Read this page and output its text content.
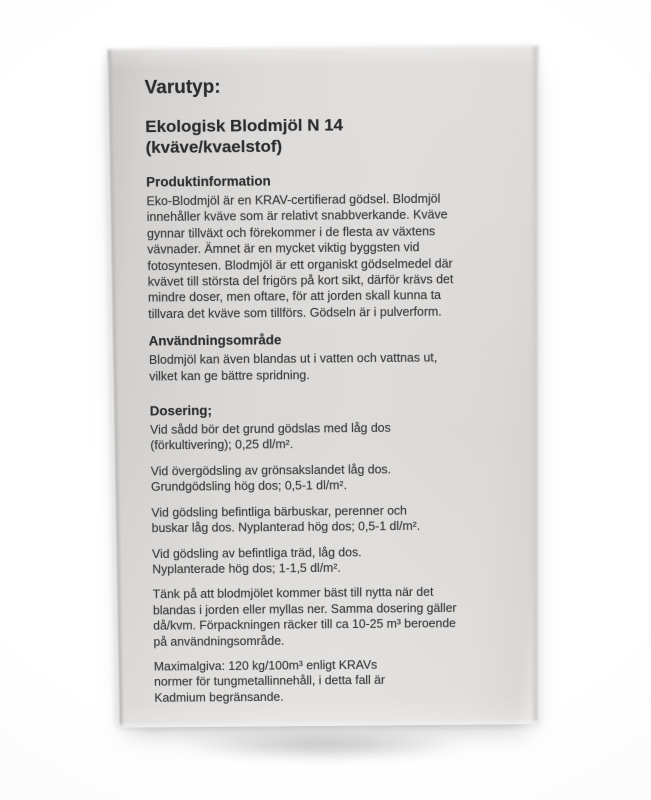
Varutyp:
Ekologisk Blodmjöl N 14
(kväve/kvaelstof)
Produktinformation

Eko-Blodmjöl är en KRAV-certifierad gödsel. Blodmjöl
innehåller kväve som är relativt snabbverkande. Kväve
gynnar tillväxt och förekommer i de flesta av växtens
vävnader. Ämnet är en mycket viktig byggsten vid
fotosyntesen. Blodmjöl är ett organiskt gödselmedel där
kvävet till största del frigörs på kort sikt, därför krävs det
mindre doser, men oftare, för att jorden skall kunna ta
tillvara det kväve som tillförs. Gödseln är i pulverform.

Användningsområde

Blodmjöl kan även blandas ut i vatten och vattnas ut,
vilket kan ge bättre spridning.

Dosering;

Vid sådd bör det grund gödslas med låg dos
(förkultivering); 0,25 dl/m².

Vid övergödsling av grönsakslandet låg dos.
Grundgödsling hög dos; 0,5-1 dl/m².

Vid gödsling befintliga bärbuskar, perenner och
buskar låg dos. Nyplanterad hög dos; 0,5-1 dl/m².

Vid gödsling av befintliga träd, låg dos.
Nyplanterade hög dos; 1-1,5 dl/m².

Tänk på att blodmjölet kommer bäst till nytta när det
blandas i jorden eller myllas ner. Samma dosering gäller
då/kvm. Förpackningen räcker till ca 10-25 m³ beroende
på användningsområde.

Maximalgiva: 120 kg/100m³ enligt KRAVs
normer för tungmetallinnehåll, i detta fall är
Kadmium begränsande.
